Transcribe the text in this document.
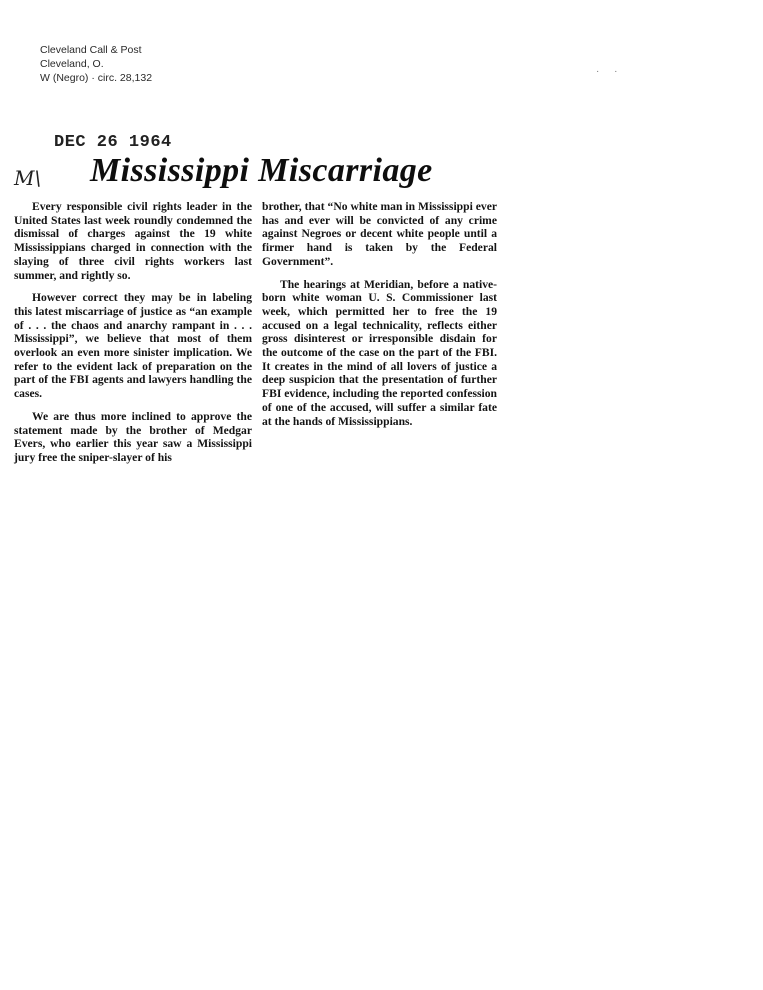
Cleveland Call & Post
Cleveland, O.
W (Negro) · circ. 28,132
· ·
DEC 26 1964
M\ Mississippi Miscarriage

Every responsible civil rights leader in the United States last week roundly condemned the dismissal of charges against the 19 white Mississippians charged in connection with the slaying of three civil rights workers last summer, and rightly so.

However correct they may be in labeling this latest miscarriage of justice as “an example of . . . the chaos and anarchy rampant in . . . Mississippi”, we believe that most of them overlook an even more sinister implication. We refer to the evident lack of preparation on the part of the FBI agents and lawyers handling the cases.

We are thus more inclined to approve the statement made by the brother of Medgar Evers, who earlier this year saw a Mississippi jury free the sniper-slayer of his

brother, that “No white man in Mississippi ever has and ever will be convicted of any crime against Negroes or decent white people until a firmer hand is taken by the Federal Government”.

The hearings at Meridian, before a native-born white woman U. S. Commissioner last week, which permitted her to free the 19 accused on a legal technicality, reflects either gross disinterest or irresponsible disdain for the outcome of the case on the part of the FBI. It creates in the mind of all lovers of justice a deep suspicion that the presentation of further FBI evidence, including the reported confession of one of the accused, will suffer a similar fate at the hands of Mississippians.
